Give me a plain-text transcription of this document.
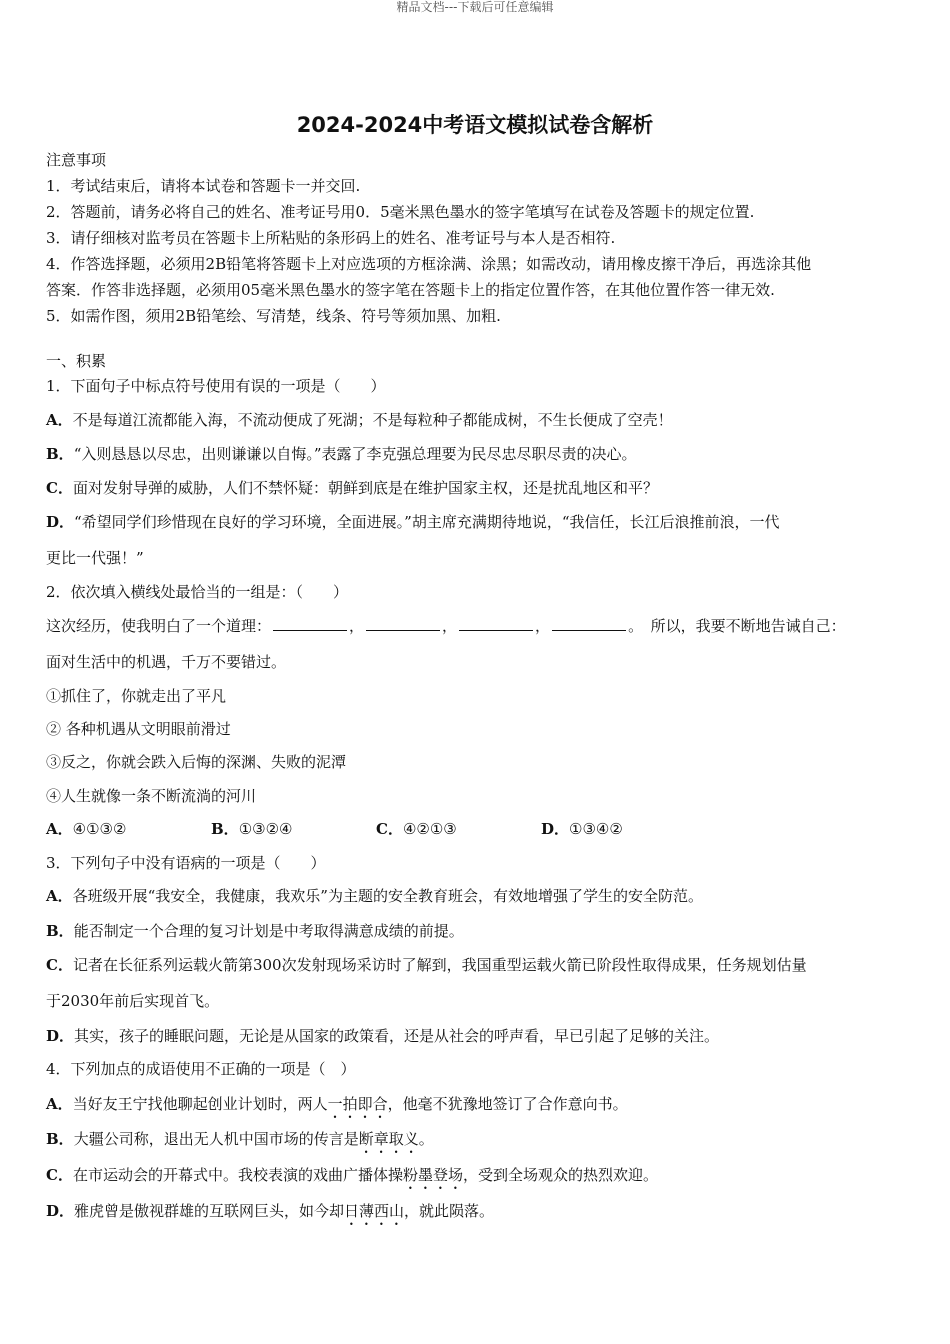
精品文档---下载后可任意编辑
2024-2024中考语文模拟试卷含解析
注意事项
1．考试结束后，请将本试卷和答题卡一并交回.
2．答题前，请务必将自己的姓名、准考证号用0．5毫米黑色墨水的签字笔填写在试卷及答题卡的规定位置.
3．请仔细核对监考员在答题卡上所粘贴的条形码上的姓名、准考证号与本人是否相符.
4．作答选择题，必须用2B铅笔将答题卡上对应选项的方框涂满、涂黑；如需改动，请用橡皮擦干净后，再选涂其他
答案．作答非选择题，必须用05毫米黑色墨水的签字笔在答题卡上的指定位置作答，在其他位置作答一律无效.
5．如需作图，须用2B铅笔绘、写清楚，线条、符号等须加黑、加粗.
一、积累
1．下面句子中标点符号使用有误的一项是（　　）
A．不是每道江流都能入海，不流动便成了死湖；不是每粒种子都能成树，不生长便成了空壳！
B．“入则恳恳以尽忠，出则谦谦以自悔。”表露了李克强总理要为民尽忠尽职尽责的决心。
C．面对发射导弹的威胁，人们不禁怀疑：朝鲜到底是在维护国家主权，还是扰乱地区和平？
D．“希望同学们珍惜现在良好的学习环境，全面进展。”胡主席充满期待地说，“我信任，长江后浪推前浪，一代
更比一代强！”
2．依次填入横线处最恰当的一组是：（　　）
这次经历，使我明白了一个道理：	，	，	，	。　所以，我要不断地告诫自己：
面对生活中的机遇，千万不要错过。
①抓住了，你就走出了平凡
② 各种机遇从文明眼前滑过
③反之，你就会跌入后悔的深渊、失败的泥潭
④人生就像一条不断流淌的河川
A．④①③②	B．①③②④	C．④②①③	D．①③④②
3．下列句子中没有语病的一项是（　　）
A．各班级开展“我安全，我健康，我欢乐”为主题的安全教育班会，有效地增强了学生的安全防范。
B．能否制定一个合理的复习计划是中考取得满意成绩的前提。
C．记者在长征系列运载火箭第300次发射现场采访时了解到，我国重型运载火箭已阶段性取得成果，任务规划估量
于2030年前后实现首飞。
D．其实，孩子的睡眠问题，无论是从国家的政策看，还是从社会的呼声看，早已引起了足够的关注。
4．下列加点的成语使用不正确的一项是（　）
A．当好友王宁找他聊起创业计划时，两人一拍即合，他毫不犹豫地签订了合作意向书。
B．大疆公司称，退出无人机中国市场的传言是断章取义。
C．在市运动会的开幕式中。我校表演的戏曲广播体操粉墨登场，受到全场观众的热烈欢迎。
D．雅虎曾是傲视群雄的互联网巨头，如今却日薄西山，就此陨落。
